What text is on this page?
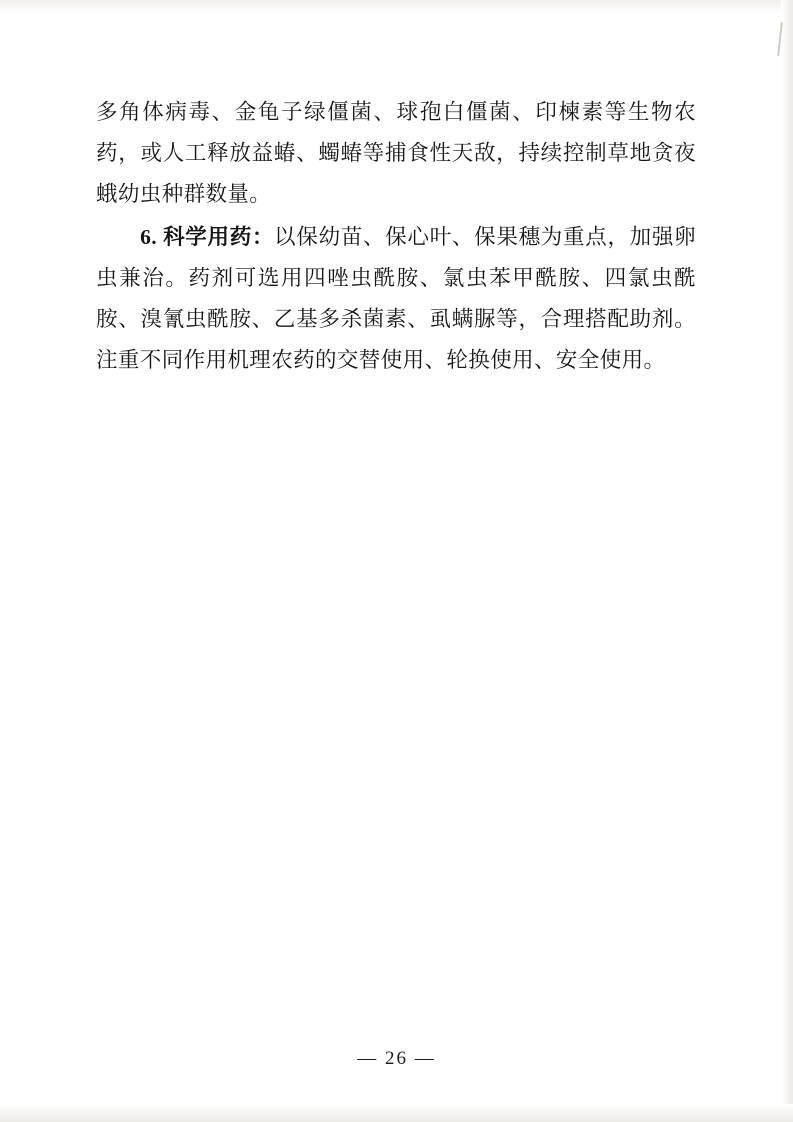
多角体病毒、金龟子绿僵菌、球孢白僵菌、印楝素等生物农药，或人工释放益蝽、蠋蝽等捕食性天敌，持续控制草地贪夜蛾幼虫种群数量。

6. 科学用药：以保幼苗、保心叶、保果穗为重点，加强卵虫兼治。药剂可选用四唑虫酰胺、氯虫苯甲酰胺、四氯虫酰胺、溴氰虫酰胺、乙基多杀菌素、虱螨脲等，合理搭配助剂。注重不同作用机理农药的交替使用、轮换使用、安全使用。

— 26 —
